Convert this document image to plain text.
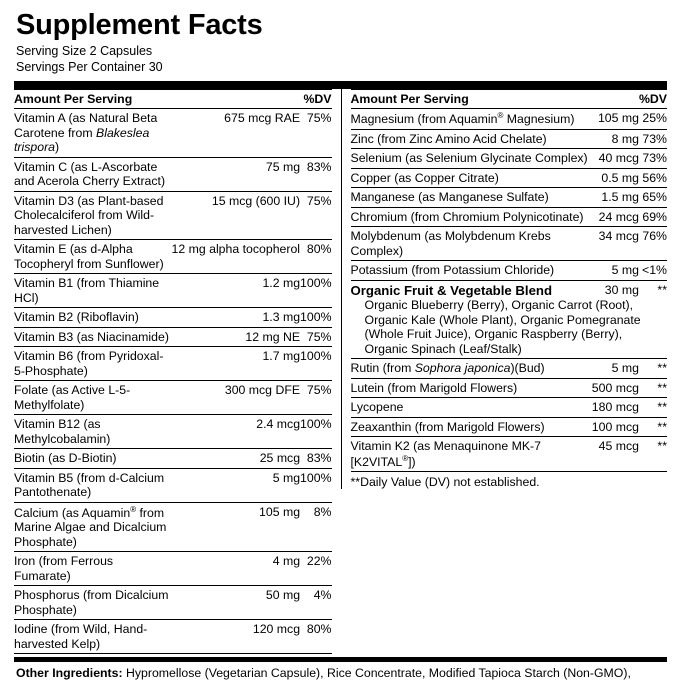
Supplement Facts
Serving Size 2 Capsules
Servings Per Container 30
Amount Per Serving		%DV
Vitamin A (as Natural Beta Carotene from Blakeslea trispora)	675 mcg RAE	75%
Vitamin C (as L-Ascorbate and Acerola Cherry Extract)	75 mg	83%
Vitamin D3 (as Plant-based Cholecalciferol from Wild-harvested Lichen)	15 mcg (600 IU)	75%
Vitamin E (as d-Alpha Tocopheryl from Sunflower)	12 mg alpha tocopherol	80%
Vitamin B1 (from Thiamine HCl)	1.2 mg	100%
Vitamin B2 (Riboflavin)	1.3 mg	100%
Vitamin B3 (as Niacinamide)	12 mg NE	75%
Vitamin B6 (from Pyridoxal-5-Phosphate)	1.7 mg	100%
Folate (as Active L-5-Methylfolate)	300 mcg DFE	75%
Vitamin B12 (as Methylcobalamin)	2.4 mcg	100%
Biotin (as D-Biotin)	25 mcg	83%
Vitamin B5 (from d-Calcium Pantothenate)	5 mg	100%
Calcium (as Aquamin® from Marine Algae and Dicalcium Phosphate)	105 mg	8%
Iron (from Ferrous Fumarate)	4 mg	22%
Phosphorus (from Dicalcium Phosphate)	50 mg	4%
Iodine (from Wild, Hand-harvested Kelp)	120 mcg	80%
Amount Per Serving		%DV
Magnesium (from Aquamin® Magnesium)	105 mg	25%
Zinc (from Zinc Amino Acid Chelate)	8 mg	73%
Selenium (as Selenium Glycinate Complex)	40 mcg	73%
Copper (as Copper Citrate)	0.5 mg	56%
Manganese (as Manganese Sulfate)	1.5 mg	65%
Chromium (from Chromium Polynicotinate)	24 mcg	69%
Molybdenum (as Molybdenum Krebs Complex)	34 mcg	76%
Potassium (from Potassium Chloride)	5 mg	<1%
Organic Fruit & Vegetable Blend	30 mg	**

Organic Blueberry (Berry), Organic Carrot (Root), Organic Kale (Whole Plant), Organic Pomegranate (Whole Fruit Juice), Organic Raspberry (Berry), Organic Spinach (Leaf/Stalk)		

Rutin (from Sophora japonica)(Bud)	5 mg	**
Lutein (from Marigold Flowers)	500 mcg	**
Lycopene	180 mcg	**
Zeaxanthin (from Marigold Flowers)	100 mcg	**
Vitamin K2 (as Menaquinone MK-7 [K2VITAL®])	45 mcg	**
**Daily Value (DV) not established.
Other Ingredients: Hypromellose (Vegetarian Capsule), Rice Concentrate, Modified Tapioca Starch (Non-GMO),
